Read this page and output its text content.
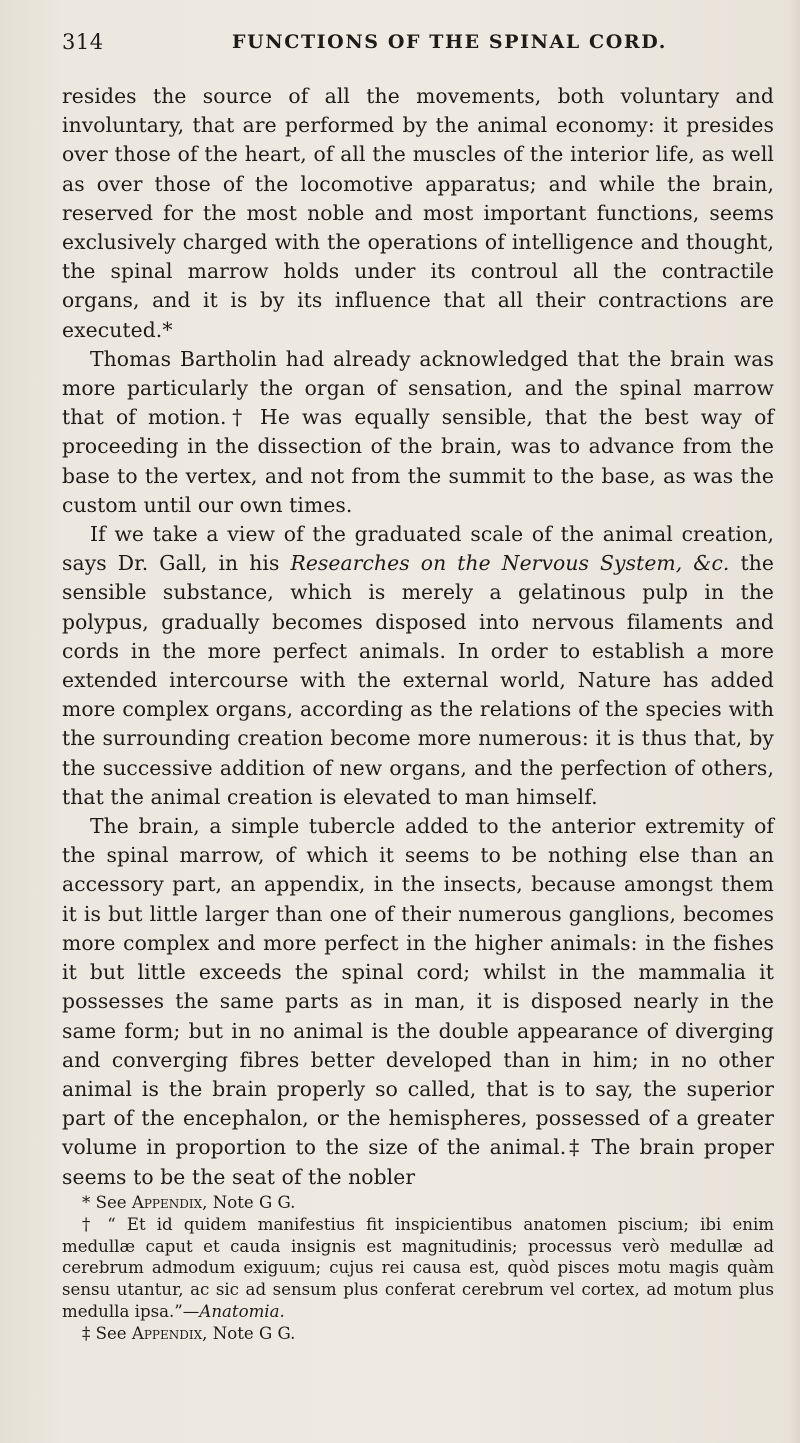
314	FUNCTIONS OF THE SPINAL CORD.

resides the source of all the movements, both voluntary and involuntary, that are performed by the animal economy: it presides over those of the heart, of all the muscles of the interior life, as well as over those of the locomotive apparatus; and while the brain, reserved for the most noble and most important functions, seems exclusively charged with the operations of intelligence and thought, the spinal marrow holds under its controul all the contractile organs, and it is by its influence that all their contractions are executed.*

Thomas Bartholin had already acknowledged that the brain was more particularly the organ of sensation, and the spinal marrow that of motion.† He was equally sensible, that the best way of proceeding in the dissection of the brain, was to advance from the base to the vertex, and not from the summit to the base, as was the custom until our own times.

If we take a view of the graduated scale of the animal creation, says Dr. Gall, in his Researches on the Nervous System, &c. the sensible substance, which is merely a gelatinous pulp in the polypus, gradually becomes disposed into nervous filaments and cords in the more perfect animals. In order to establish a more extended intercourse with the external world, Nature has added more complex organs, according as the relations of the species with the surrounding creation become more numerous: it is thus that, by the successive addition of new organs, and the perfection of others, that the animal creation is elevated to man himself.

The brain, a simple tubercle added to the anterior extremity of the spinal marrow, of which it seems to be nothing else than an accessory part, an appendix, in the insects, because amongst them it is but little larger than one of their numerous ganglions, becomes more complex and more perfect in the higher animals: in the fishes it but little exceeds the spinal cord; whilst in the mammalia it possesses the same parts as in man, it is disposed nearly in the same form; but in no animal is the double appearance of diverging and converging fibres better developed than in him; in no other animal is the brain properly so called, that is to say, the superior part of the encephalon, or the hemispheres, possessed of a greater volume in proportion to the size of the animal.‡ The brain proper seems to be the seat of the nobler

* See Appendix, Note G G.

† “ Et id quidem manifestius fit inspicientibus anatomen piscium; ibi enim medullæ caput et cauda insignis est magnitudinis; processus verò medullæ ad cerebrum admodum exiguum; cujus rei causa est, quòd pisces motu magis quàm sensu utantur, ac sic ad sensum plus conferat cerebrum vel cortex, ad motum plus medulla ipsa.”—Anatomia.

‡ See Appendix, Note G G.
